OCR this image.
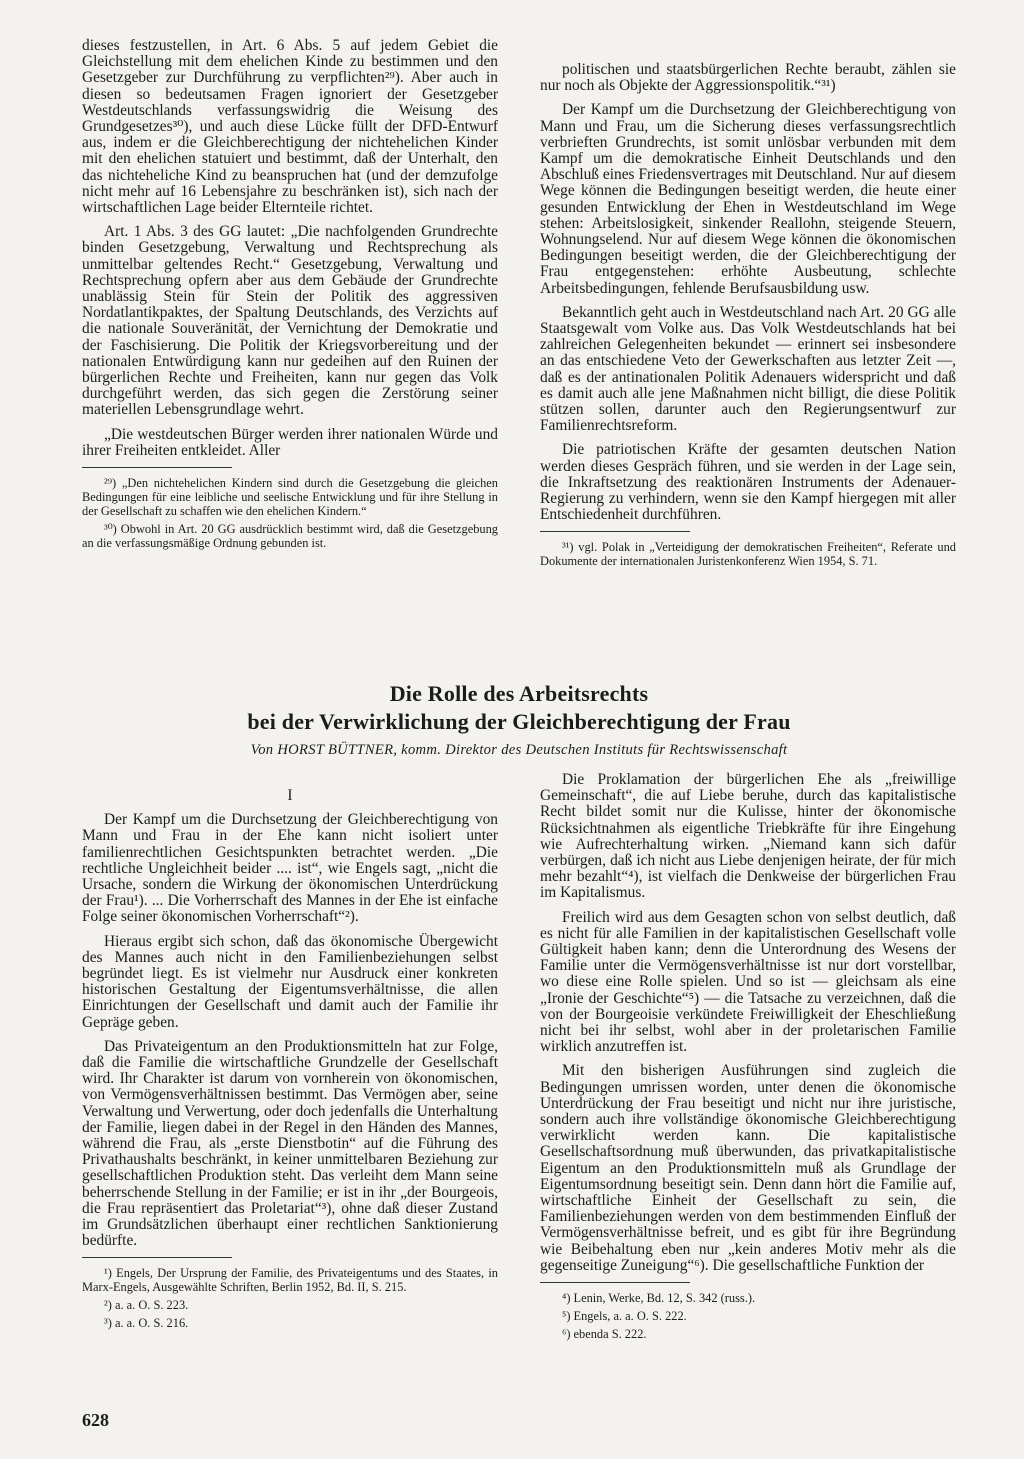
dieses festzustellen, in Art. 6 Abs. 5 auf jedem Gebiet die Gleichstellung mit dem ehelichen Kinde zu bestimmen und den Gesetzgeber zur Durchführung zu verpflichten²⁹). Aber auch in diesen so bedeutsamen Fragen ignoriert der Gesetzgeber Westdeutschlands verfassungswidrig die Weisung des Grundgesetzes³⁰), und auch diese Lücke füllt der DFD-Entwurf aus, indem er die Gleichberechtigung der nichtehelichen Kinder mit den ehelichen statuiert und bestimmt, daß der Unterhalt, den das nichteheliche Kind zu beanspruchen hat (und der demzufolge nicht mehr auf 16 Lebensjahre zu beschränken ist), sich nach der wirtschaftlichen Lage beider Elternteile richtet.

Art. 1 Abs. 3 des GG lautet: „Die nachfolgenden Grundrechte binden Gesetzgebung, Verwaltung und Rechtsprechung als unmittelbar geltendes Recht.“ Gesetzgebung, Verwaltung und Rechtsprechung opfern aber aus dem Gebäude der Grundrechte unablässig Stein für Stein der Politik des aggressiven Nordatlantikpaktes, der Spaltung Deutschlands, des Verzichts auf die nationale Souveränität, der Vernichtung der Demokratie und der Faschisierung. Die Politik der Kriegsvorbereitung und der nationalen Entwürdigung kann nur gedeihen auf den Ruinen der bürgerlichen Rechte und Freiheiten, kann nur gegen das Volk durchgeführt werden, das sich gegen die Zerstörung seiner materiellen Lebensgrundlage wehrt.

„Die westdeutschen Bürger werden ihrer nationalen Würde und ihrer Freiheiten entkleidet. Aller

²⁹) „Den nichtehelichen Kindern sind durch die Gesetzgebung die gleichen Bedingungen für eine leibliche und seelische Entwicklung und für ihre Stellung in der Gesellschaft zu schaffen wie den ehelichen Kindern.“

³⁰) Obwohl in Art. 20 GG ausdrücklich bestimmt wird, daß die Gesetzgebung an die verfassungsmäßige Ordnung gebunden ist.

politischen und staatsbürgerlichen Rechte beraubt, zählen sie nur noch als Objekte der Aggressionspolitik.“³¹)

Der Kampf um die Durchsetzung der Gleichberechtigung von Mann und Frau, um die Sicherung dieses verfassungsrechtlich verbrieften Grundrechts, ist somit unlösbar verbunden mit dem Kampf um die demokratische Einheit Deutschlands und den Abschluß eines Friedensvertrages mit Deutschland. Nur auf diesem Wege können die Bedingungen beseitigt werden, die heute einer gesunden Entwicklung der Ehen in Westdeutschland im Wege stehen: Arbeitslosigkeit, sinkender Reallohn, steigende Steuern, Wohnungselend. Nur auf diesem Wege können die ökonomischen Bedingungen beseitigt werden, die der Gleichberechtigung der Frau entgegenstehen: erhöhte Ausbeutung, schlechte Arbeitsbedingungen, fehlende Berufsausbildung usw.

Bekanntlich geht auch in Westdeutschland nach Art. 20 GG alle Staatsgewalt vom Volke aus. Das Volk Westdeutschlands hat bei zahlreichen Gelegenheiten bekundet — erinnert sei insbesondere an das entschiedene Veto der Gewerkschaften aus letzter Zeit —, daß es der antinationalen Politik Adenauers widerspricht und daß es damit auch alle jene Maßnahmen nicht billigt, die diese Politik stützen sollen, darunter auch den Regierungsentwurf zur Familienrechtsreform.

Die patriotischen Kräfte der gesamten deutschen Nation werden dieses Gespräch führen, und sie werden in der Lage sein, die Inkraftsetzung des reaktionären Instruments der Adenauer-Regierung zu verhindern, wenn sie den Kampf hiergegen mit aller Entschiedenheit durchführen.

³¹) vgl. Polak in „Verteidigung der demokratischen Freiheiten“, Referate und Dokumente der internationalen Juristenkonferenz Wien 1954, S. 71.

Die Rolle des Arbeitsrechts
bei der Verwirklichung der Gleichberechtigung der Frau
Von HORST BÜTTNER, komm. Direktor des Deutschen Instituts für Rechtswissenschaft

I

Der Kampf um die Durchsetzung der Gleichberechtigung von Mann und Frau in der Ehe kann nicht isoliert unter familienrechtlichen Gesichtspunkten betrachtet werden. „Die rechtliche Ungleichheit beider .... ist“, wie Engels sagt, „nicht die Ursache, sondern die Wirkung der ökonomischen Unterdrückung der Frau¹). ... Die Vorherrschaft des Mannes in der Ehe ist einfache Folge seiner ökonomischen Vorherrschaft“²).

Hieraus ergibt sich schon, daß das ökonomische Übergewicht des Mannes auch nicht in den Familienbeziehungen selbst begründet liegt. Es ist vielmehr nur Ausdruck einer konkreten historischen Gestaltung der Eigentumsverhältnisse, die allen Einrichtungen der Gesellschaft und damit auch der Familie ihr Gepräge geben.

Das Privateigentum an den Produktionsmitteln hat zur Folge, daß die Familie die wirtschaftliche Grundzelle der Gesellschaft wird. Ihr Charakter ist darum von vornherein von ökonomischen, von Vermögensverhältnissen bestimmt. Das Vermögen aber, seine Verwaltung und Verwertung, oder doch jedenfalls die Unterhaltung der Familie, liegen dabei in der Regel in den Händen des Mannes, während die Frau, als „erste Dienstbotin“ auf die Führung des Privathaushalts beschränkt, in keiner unmittelbaren Beziehung zur gesellschaftlichen Produktion steht. Das verleiht dem Mann seine beherrschende Stellung in der Familie; er ist in ihr „der Bourgeois, die Frau repräsentiert das Proletariat“³), ohne daß dieser Zustand im Grundsätzlichen überhaupt einer rechtlichen Sanktionierung bedürfte.

¹) Engels, Der Ursprung der Familie, des Privateigentums und des Staates, in Marx-Engels, Ausgewählte Schriften, Berlin 1952, Bd. II, S. 215.

²) a. a. O. S. 223.

³) a. a. O. S. 216.

Die Proklamation der bürgerlichen Ehe als „freiwillige Gemeinschaft“, die auf Liebe beruhe, durch das kapitalistische Recht bildet somit nur die Kulisse, hinter der ökonomische Rücksichtnahmen als eigentliche Triebkräfte für ihre Eingehung wie Aufrechterhaltung wirken. „Niemand kann sich dafür verbürgen, daß ich nicht aus Liebe denjenigen heirate, der für mich mehr bezahlt“⁴), ist vielfach die Denkweise der bürgerlichen Frau im Kapitalismus.

Freilich wird aus dem Gesagten schon von selbst deutlich, daß es nicht für alle Familien in der kapitalistischen Gesellschaft volle Gültigkeit haben kann; denn die Unterordnung des Wesens der Familie unter die Vermögensverhältnisse ist nur dort vorstellbar, wo diese eine Rolle spielen. Und so ist — gleichsam als eine „Ironie der Geschichte“⁵) — die Tatsache zu verzeichnen, daß die von der Bourgeoisie verkündete Freiwilligkeit der Eheschließung nicht bei ihr selbst, wohl aber in der proletarischen Familie wirklich anzutreffen ist.

Mit den bisherigen Ausführungen sind zugleich die Bedingungen umrissen worden, unter denen die ökonomische Unterdrückung der Frau beseitigt und nicht nur ihre juristische, sondern auch ihre vollständige ökonomische Gleichberechtigung verwirklicht werden kann. Die kapitalistische Gesellschaftsordnung muß überwunden, das privatkapitalistische Eigentum an den Produktionsmitteln muß als Grundlage der Eigentumsordnung beseitigt sein. Denn dann hört die Familie auf, wirtschaftliche Einheit der Gesellschaft zu sein, die Familienbeziehungen werden von dem bestimmenden Einfluß der Vermögensverhältnisse befreit, und es gibt für ihre Begründung wie Beibehaltung eben nur „kein anderes Motiv mehr als die gegenseitige Zuneigung“⁶). Die gesellschaftliche Funktion der

⁴) Lenin, Werke, Bd. 12, S. 342 (russ.).

⁵) Engels, a. a. O. S. 222.

⁶) ebenda S. 222.

628
